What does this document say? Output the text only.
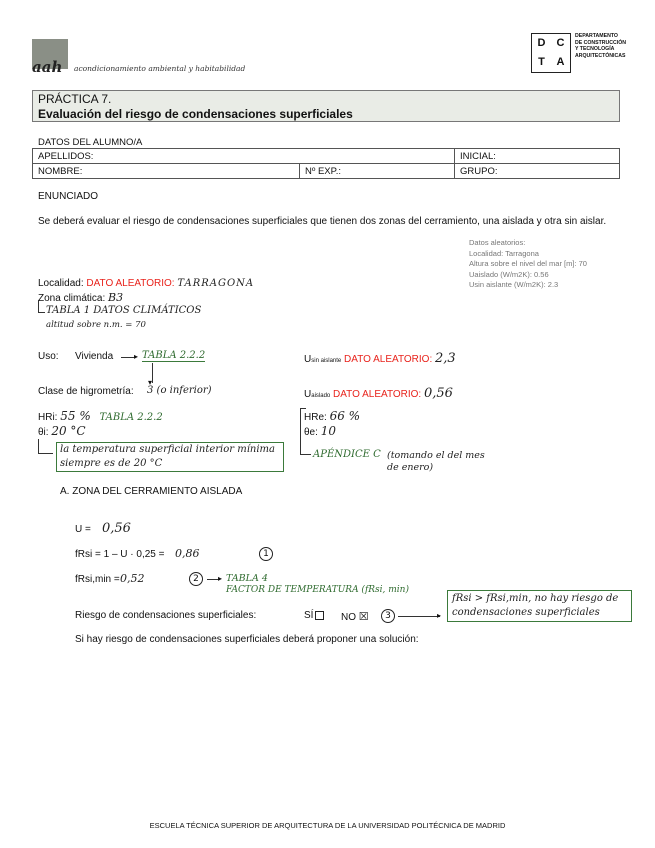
aah acondicionamiento ambiental y habitabilidad
D	C
T	A
DEPARTAMENTO
DE CONSTRUCCIÓN
Y TECNOLOGÍA
ARQUITECTÓNICAS
PRÁCTICA 7.
Evaluación del riesgo de condensaciones superficiales
DATOS DEL ALUMNO/A
APELLIDOS:		INICIAL:
NOMBRE:	Nº EXP.:	GRUPO:
ENUNCIADO
Se deberá evaluar el riesgo de condensaciones superficiales que tienen dos zonas del cerramiento, una aislada y otra sin aislar.
Datos aleatorios:
Localidad: Tarragona
Altura sobre el nivel del mar [m]: 70
Uaislado (W/m2K): 0.56
Usin aislante (W/m2K): 2.3
Localidad: DATO ALEATORIO: TARRAGONA
Zona climática: B3
TABLA 1 DATOS CLIMÁTICOS
altitud sobre n.m. = 70
Uso: Vivienda	▸ TABLA 2.2.2	Usin aislante DATO ALEATORIO: 2,3
▾
Clase de higrometría: 3 (o inferior)	Uaislado DATO ALEATORIO: 0,56
HRi: 55 % TABLA 2.2.2
θi: 20 °C
la temperatura superficial interior mínima siempre es de 20 °C
HRe: 66 %
θe: 10
APÉNDICE C (tomando el del mes de enero)
A. ZONA DEL CERRAMIENTO AISLADA
U = 0,56
fRsi = 1 – U · 0,25 = 0,86	1
fRsi,min = 0,52	2	▸ TABLA 4
FACTOR DE TEMPERATURA (fRsi, min)
Riesgo de condensaciones superficiales:	SÍ	NO ☒	3	▸
fRsi > fRsi,min, no hay riesgo de condensaciones superficiales
Si hay riesgo de condensaciones superficiales deberá proponer una solución:
ESCUELA TÉCNICA SUPERIOR DE ARQUITECTURA DE LA UNIVERSIDAD POLITÉCNICA DE MADRID
